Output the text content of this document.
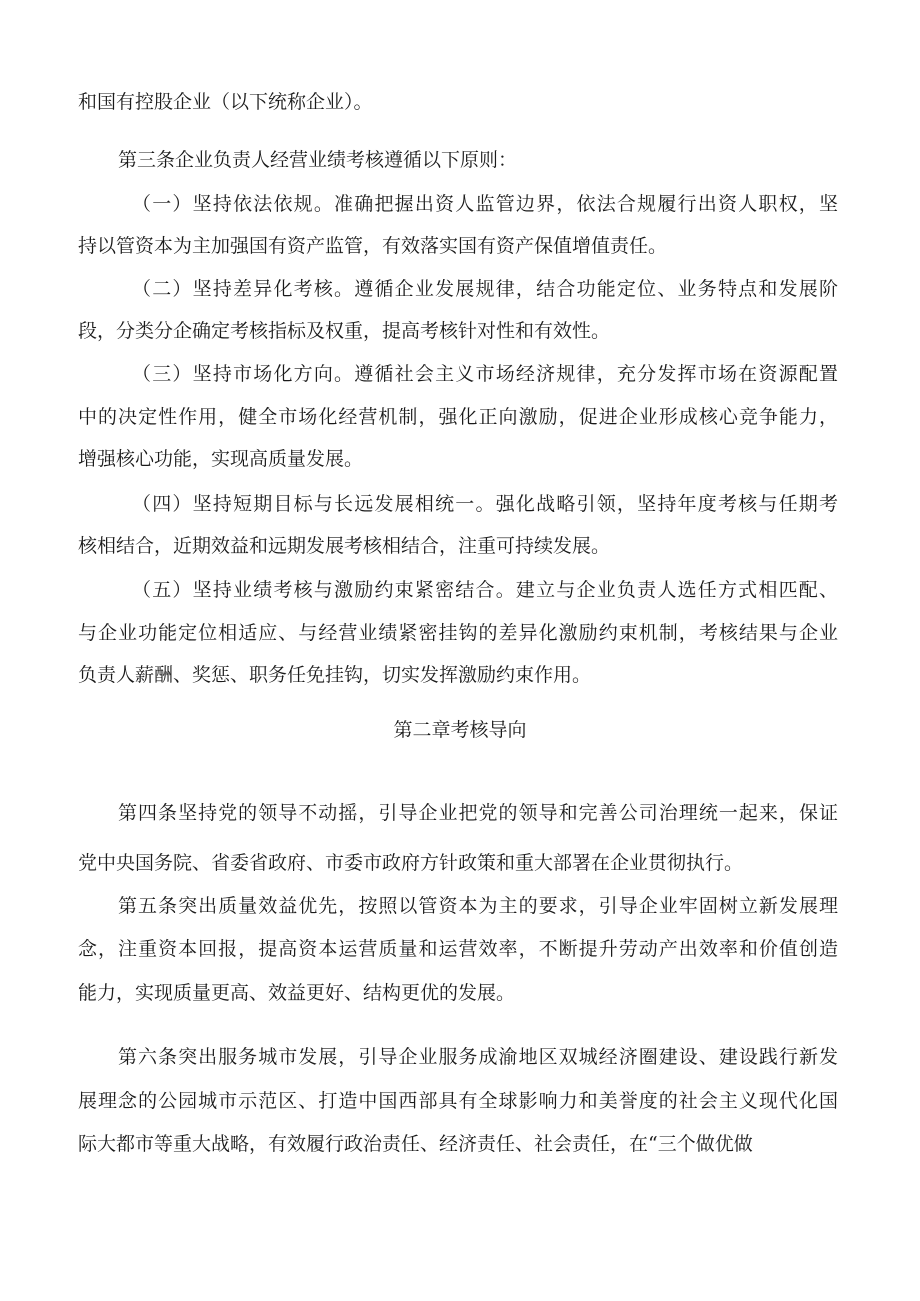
和国有控股企业（以下统称企业）。
第三条企业负责人经营业绩考核遵循以下原则：
（一）坚持依法依规。准确把握出资人监管边界，依法合规履行出资人职权，坚
持以管资本为主加强国有资产监管，有效落实国有资产保值增值责任。
（二）坚持差异化考核。遵循企业发展规律，结合功能定位、业务特点和发展阶
段，分类分企确定考核指标及权重，提高考核针对性和有效性。
（三）坚持市场化方向。遵循社会主义市场经济规律，充分发挥市场在资源配置
中的决定性作用，健全市场化经营机制，强化正向激励，促进企业形成核心竞争能力，
增强核心功能，实现高质量发展。
（四）坚持短期目标与长远发展相统一。强化战略引领，坚持年度考核与任期考
核相结合，近期效益和远期发展考核相结合，注重可持续发展。
（五）坚持业绩考核与激励约束紧密结合。建立与企业负责人选任方式相匹配、
与企业功能定位相适应、与经营业绩紧密挂钩的差异化激励约束机制，考核结果与企业
负责人薪酬、奖惩、职务任免挂钩，切实发挥激励约束作用。
第二章考核导向
第四条坚持党的领导不动摇，引导企业把党的领导和完善公司治理统一起来，保证
党中央国务院、省委省政府、市委市政府方针政策和重大部署在企业贯彻执行。
第五条突出质量效益优先，按照以管资本为主的要求，引导企业牢固树立新发展理
念，注重资本回报，提高资本运营质量和运营效率，不断提升劳动产出效率和价值创造
能力，实现质量更高、效益更好、结构更优的发展。
第六条突出服务城市发展，引导企业服务成渝地区双城经济圈建设、建设践行新发
展理念的公园城市示范区、打造中国西部具有全球影响力和美誉度的社会主义现代化国
际大都市等重大战略，有效履行政治责任、经济责任、社会责任，在“三个做优做
